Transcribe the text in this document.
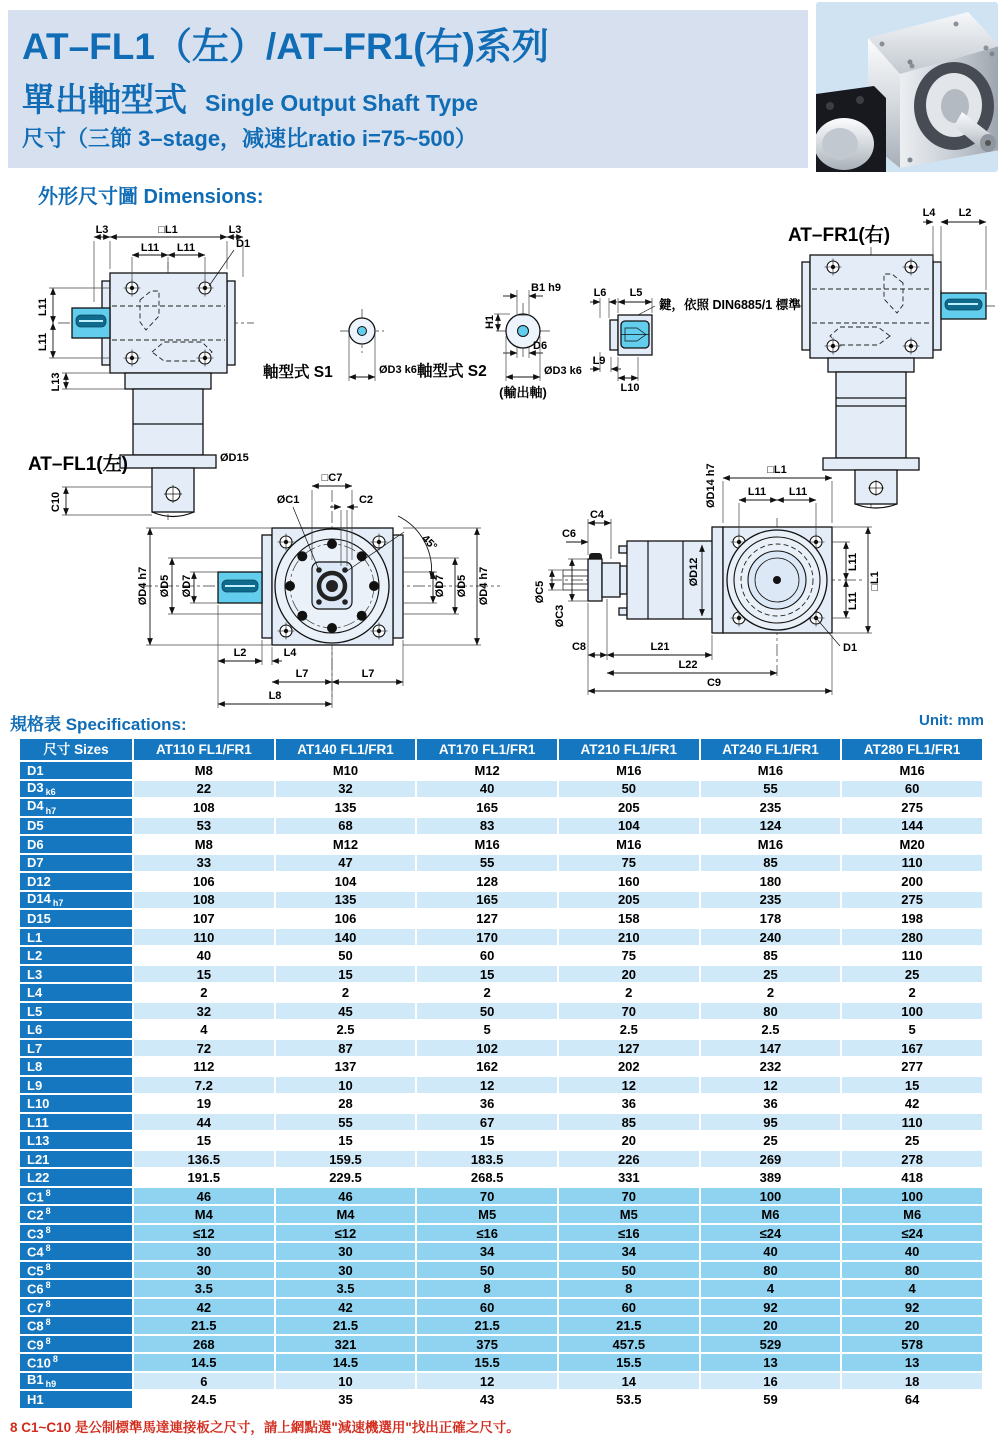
AT–FL1（左）/AT–FR1(右)系列
單出軸型式 Single Output Shaft Type
尺寸（三節 3–stage，减速比ratio i=75~500）
外形尺寸圖 Dimensions:
L3	□L1	L3
L11 L11	D1
L11
L11
L13
C10
ØD15
AT–FL1(左)
ØD3 k6
軸型式 S1
B1 h9
H1
D6
ØD3 k6
軸型式 S2
(輸出軸)
L6 L5
鍵，依照 DIN6885/1 標準
L9
L10
L4 L2
AT–FR1(右)
45°
□C7
C2
ØC1
ØD4 h7 ØD5 ØD7	ØD7 ØD5 ØD4 h7
L2	L4
L7	L7
L8
□L1
L11 L11
ØD14 h7
C4
C6
ØC5
ØC3
ØD12	L11
L11
□L1
D1
C8	L21
L22
C9
規格表 Specifications:	Unit: mm
尺寸 Sizes	AT110 FL1/FR1	AT140 FL1/FR1	AT170 FL1/FR1	AT210 FL1/FR1	AT240 FL1/FR1	AT280 FL1/FR1
D1	M8	M10	M12	M16	M16	M16
D3 $_{k6}$	22	32	40	50	55	60
D4 $_{h7}$	108	135	165	205	235	275
D5	53	68	83	104	124	144
D6	M8	M12	M16	M16	M16	M20
D7	33	47	55	75	85	110
D12	106	104	128	160	180	200
D14 $_{h7}$	108	135	165	205	235	275
D15	107	106	127	158	178	198
L1	110	140	170	210	240	280
L2	40	50	60	75	85	110
L3	15	15	15	20	25	25
L4	2	2	2	2	2	2
L5	32	45	50	70	80	100
L6	4	2.5	5	2.5	2.5	5
L7	72	87	102	127	147	167
L8	112	137	162	202	232	277
L9	7.2	10	12	12	12	15
L10	19	28	36	36	36	42
L11	44	55	67	85	95	110
L13	15	15	15	20	25	25
L21	136.5	159.5	183.5	226	269	278
L22	191.5	229.5	268.5	331	389	418
C1 $^8$	46	46	70	70	100	100
C2 $^8$	M4	M4	M5	M5	M6	M6
C3 $^8$	≤12	≤12	≤16	≤16	≤24	≤24
C4 $^8$	30	30	34	34	40	40
C5 $^8$	30	30	50	50	80	80
C6 $^8$	3.5	3.5	8	8	4	4
C7 $^8$	42	42	60	60	92	92
C8 $^8$	21.5	21.5	21.5	21.5	20	20
C9 $^8$	268	321	375	457.5	529	578
C10 $^8$	14.5	14.5	15.5	15.5	13	13
B1 $_{h9}$	6	10	12	14	16	18
H1	24.5	35	43	53.5	59	64
8 C1~C10 是公制標準馬達連接板之尺寸，請上網點選"減速機選用"找出正確之尺寸。
